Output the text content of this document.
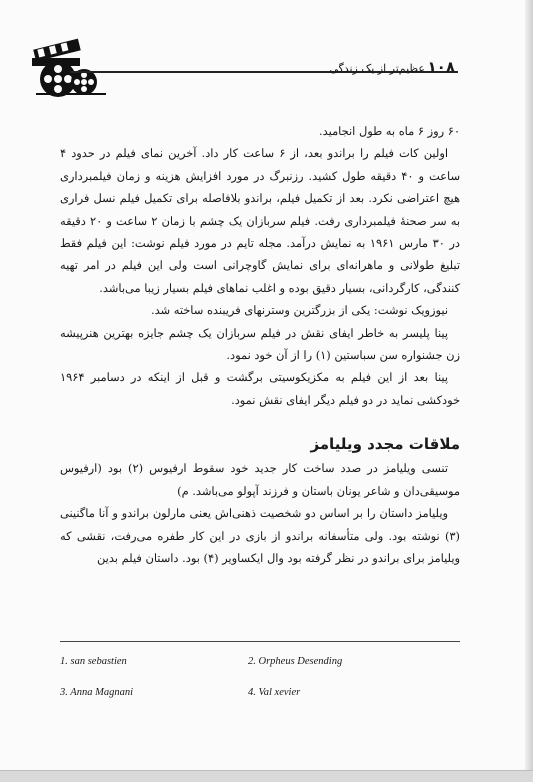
عظیم‌تر از یک زندگی ۱۰۸

۶۰ روز ۶ ماه به طول انجامید.

اولین کات فیلم را براندو بعد، از ۶ ساعت کار داد. آخرین نمای فیلم در حدود ۴ ساعت و ۴۰ دقیقه طول کشید. رزنبرگ در مورد افزایش هزینه و زمان فیلمبرداری هیچ اعتراضی نکرد. بعد از تکمیل فیلم، براندو بلافاصله برای تکمیل فیلم نسل فراری به سر صحنهٔ فیلمبرداری رفت. فیلم سربازان یک چشم با زمان ۲ ساعت و ۲۰ دقیقه در ۳۰ مارس ۱۹۶۱ به نمایش درآمد. مجله تایم در مورد فیلم نوشت: این فیلم فقط تبلیغ طولانی و ماهرانه‌ای برای نمایش گاوچرانی است ولی این فیلم در امر تهیه کنندگی، کارگردانی، بسیار دقیق بوده و اغلب نماهای فیلم بسیار زیبا می‌باشد.

نیوزویک نوشت: یکی از بزرگترین وسترنهای فریبنده ساخته شد.

پینا پلیسر به خاطر ایفای نقش در فیلم سربازان یک چشم جایزه بهترین هنرپیشه زن جشنواره سن سباستین (۱) را از آن خود نمود.

پینا بعد از این فیلم به مکزیکوسیتی برگشت و قبل از اینکه در دسامبر ۱۹۶۴ خودکشی نماید در دو فیلم دیگر ایفای نقش نمود.

ملاقات مجدد ویلیامز

تنسی ویلیامز در صدد ساخت کار جدید خود سقوط ارفیوس (۲) بود (ارفیوس موسیقی‌دان و شاعر یونان باستان و فرزند آپولو می‌باشد. م)

ویلیامز داستان را بر اساس دو شخصیت ذهنی‌اش یعنی مارلون براندو و آنا ماگنینی (۳) نوشته بود. ولی متأسفانه براندو از بازی در این کار طفره می‌رفت، نقشی که ویلیامز برای براندو در نظر گرفته بود وال ایکساویر (۴) بود. داستان فیلم بدین

1. san sebastien	2. Orpheus Desending
3. Anna Magnani	4. Val xevier
